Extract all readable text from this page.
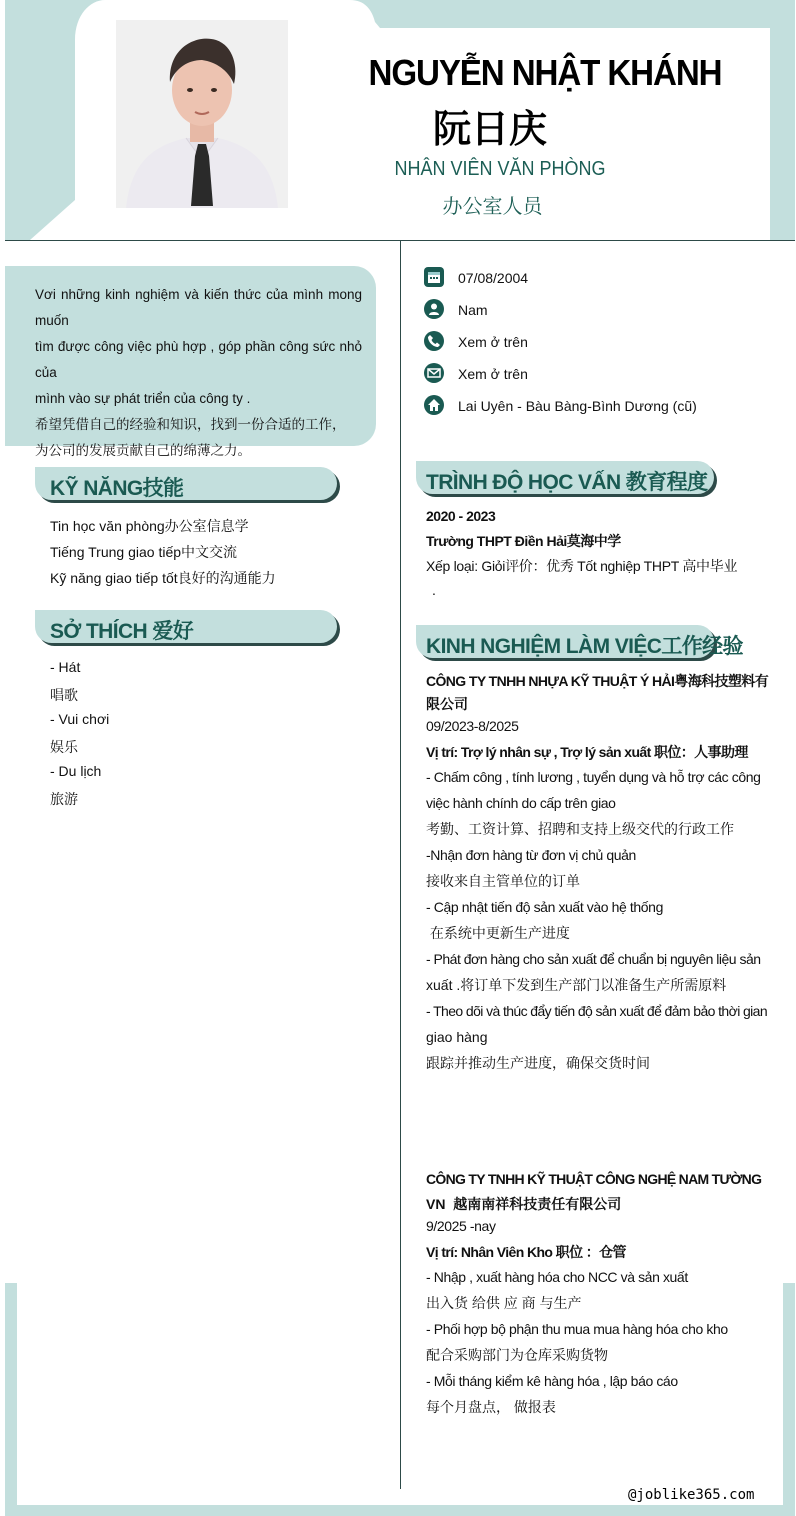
NGUYỄN NHẬT KHÁNH
阮日庆
NHÂN VIÊN VĂN PHÒNG
办公室人员
Vơi những kinh nghiệm và kiến thức của mình mong muốn
tìm được công việc phù hợp , góp phần công sức nhỏ của
mình vào sự phát triển của công ty .
希望凭借自己的经验和知识，找到一份合适的工作，
为公司的发展贡献自己的绵薄之力。
KỸ NĂNG技能
Tin học văn phòng办公室信息学
Tiếng Trung giao tiếp中文交流
Kỹ năng giao tiếp tốt良好的沟通能力
SỞ THÍCH 爱好
- Hát
唱歌
- Vui chơi
娱乐
- Du lịch
旅游
07/08/2004
Nam
Xem ở trên
Xem ở trên
Lai Uyên - Bàu Bàng-Bình Dương (cũ)
TRÌNH ĐỘ HỌC VẤN 教育程度
2020 - 2023
Trường THPT Điền Hải莫海中学
Xếp loại: Giỏi评价：优秀 Tốt nghiệp THPT 高中毕业
.
KINH NGHIỆM LÀM VIỆC工作经验
CÔNG TY TNHH NHỰA KỸ THUẬT Ý HẢI粤海科技塑料有
限公司
09/2023-8/2025
Vị trí: Trợ lý nhân sự , Trợ lý sản xuất 职位：人事助理
- Chấm công , tính lương , tuyển dụng và hỗ trợ các công
việc hành chính do cấp trên giao
考勤、工资计算、招聘和支持上级交代的行政工作
-Nhận đơn hàng từ đơn vị chủ quản
接收来自主管单位的订单
- Cập nhật tiến độ sản xuất vào hệ thống
在系统中更新生产进度
- Phát đơn hàng cho sản xuất để chuẩn bị nguyên liệu sản
xuất .将订单下发到生产部门以准备生产所需原料
- Theo dõi và thúc đẩy tiến độ sản xuất để đảm bảo thời gian
giao hàng
跟踪并推动生产进度，确保交货时间
CÔNG TY TNHH KỸ THUẬT CÔNG NGHỆ NAM TƯỜNG
VN  越南南祥科技责任有限公司
9/2025 -nay
Vị trí: Nhân Viên Kho 职位 ：仓管
- Nhập , xuất hàng hóa cho NCC và sản xuất
出入货 给供 应 商 与生产
- Phối hợp bộ phận thu mua mua hàng hóa cho kho
配合采购部门为仓库采购货物
- Mỗi tháng kiểm kê hàng hóa , lập báo cáo
每个月盘点， 做报表
@joblike365.com
